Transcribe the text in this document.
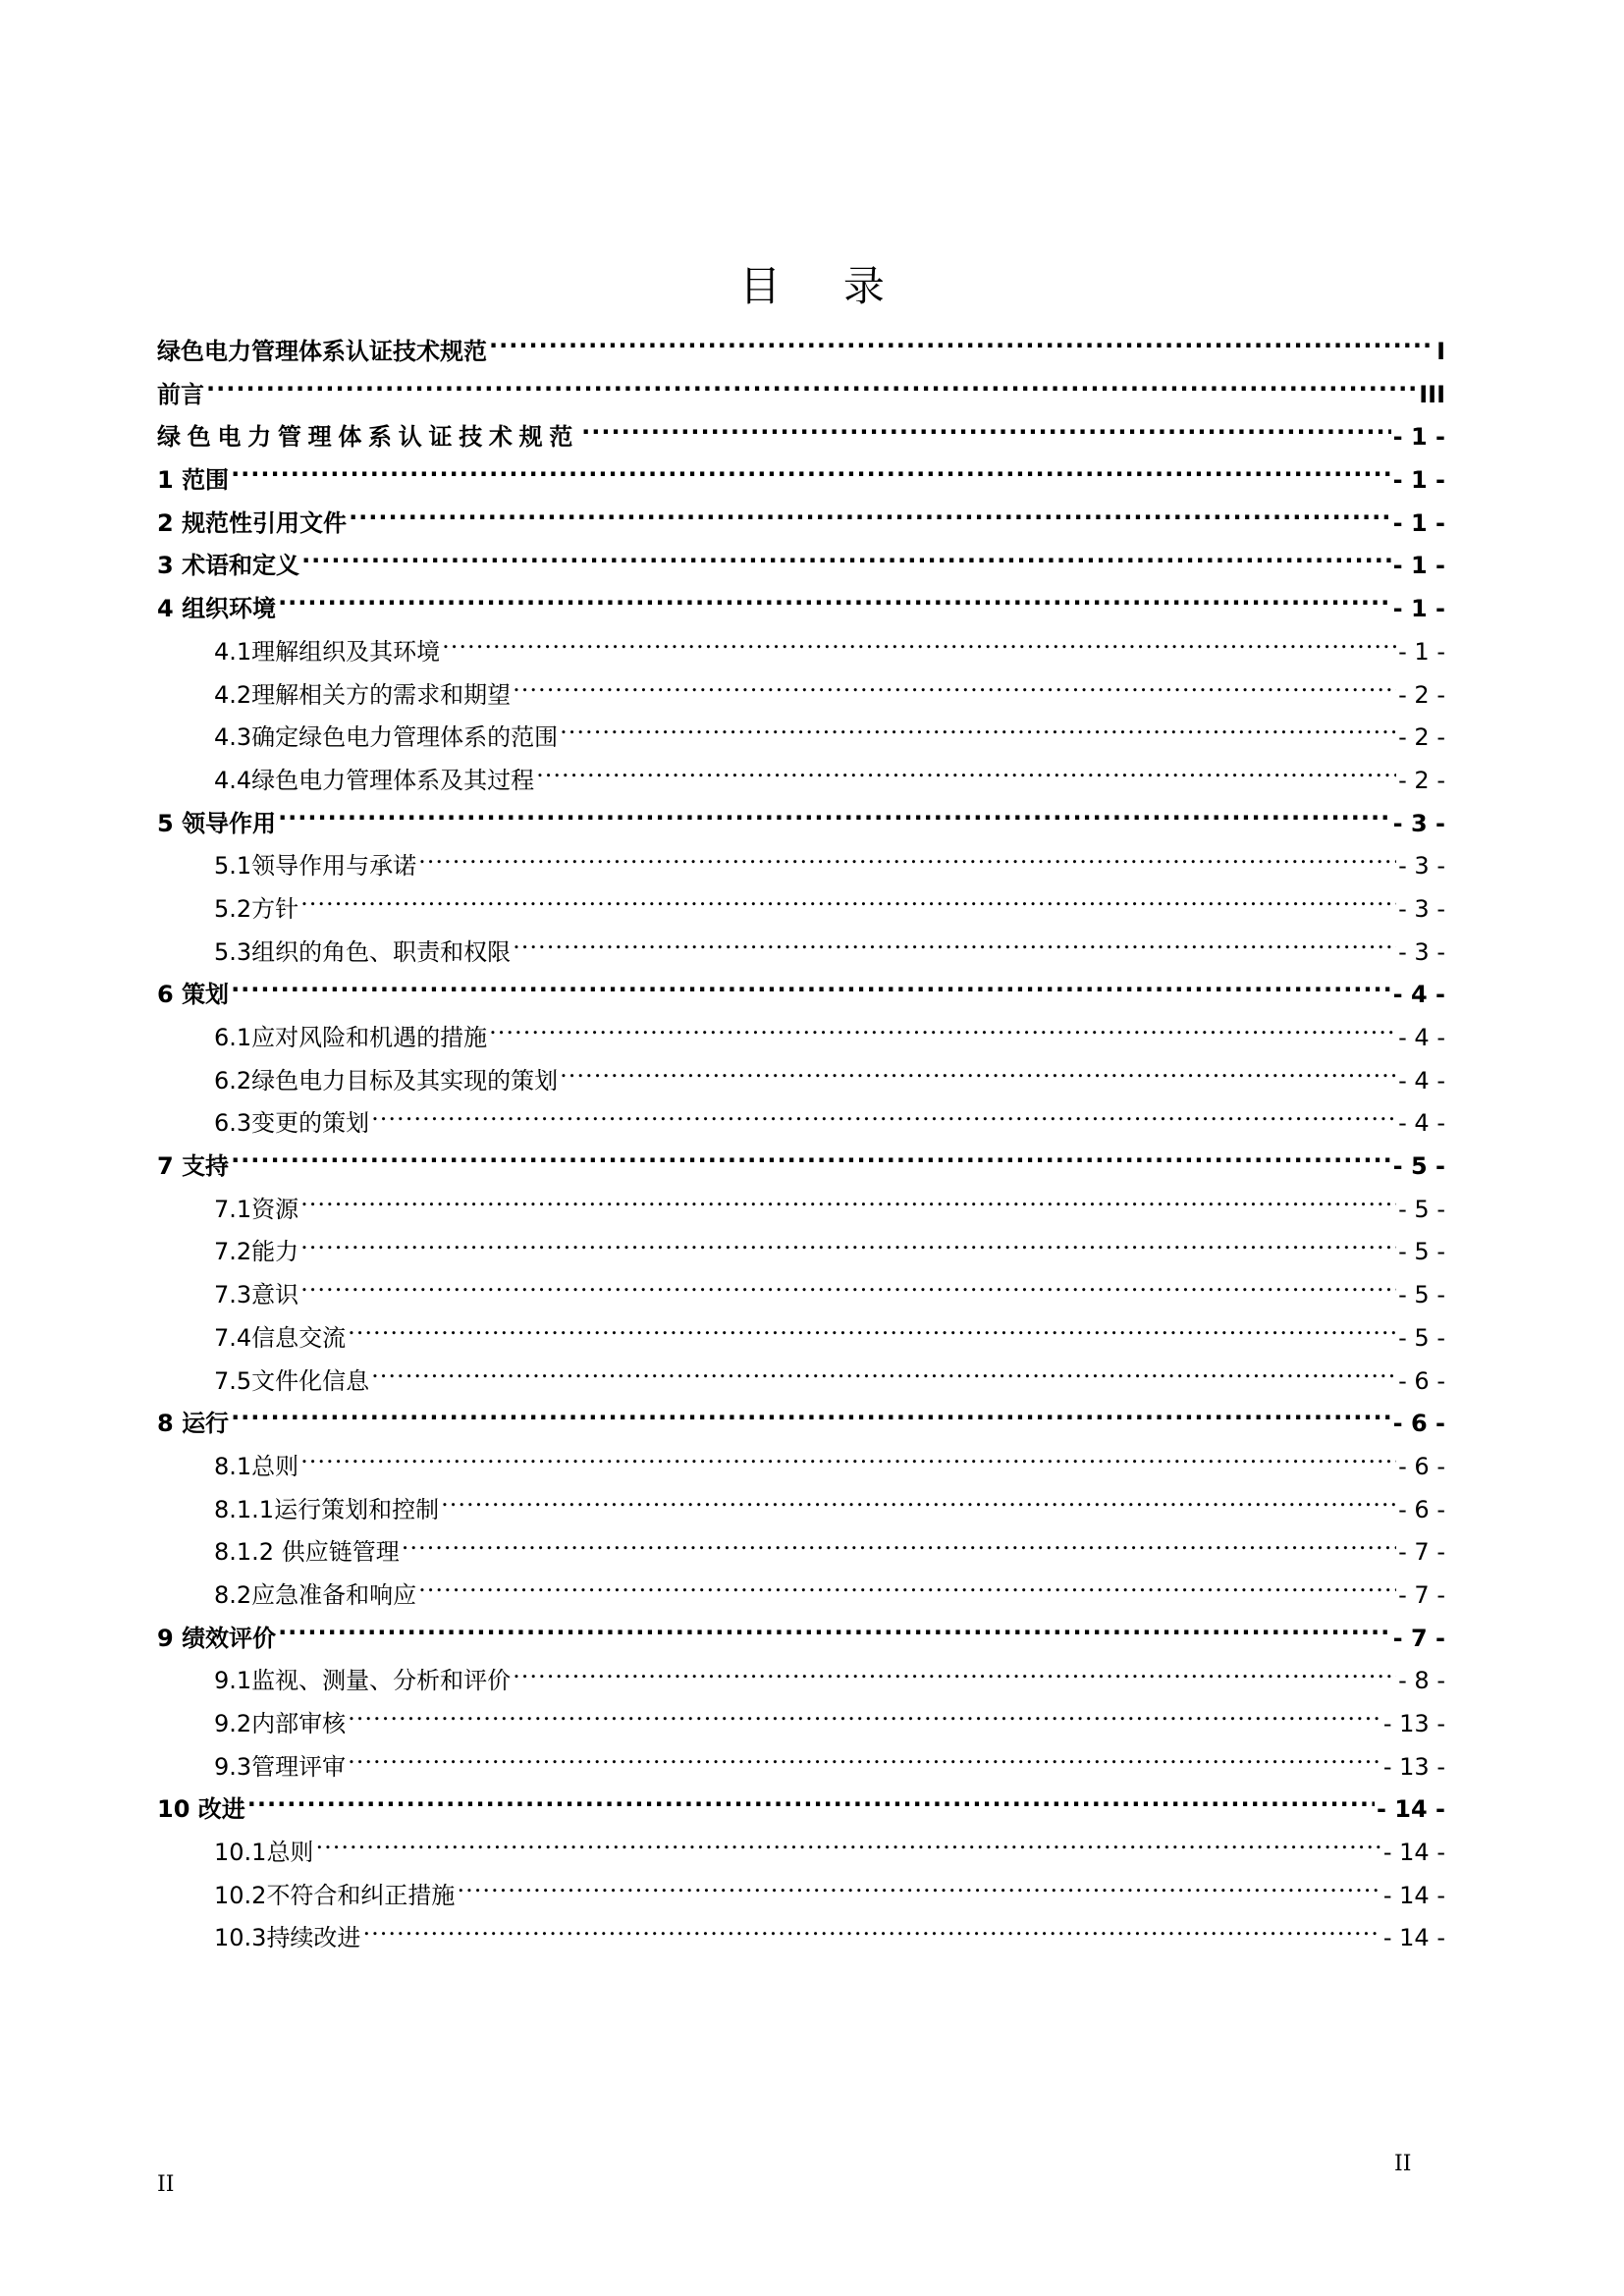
目 录
绿色电力管理体系认证技术规范 .....	I
前言 .....	III
绿色电力管理体系认证技术规范 .....	- 1 -
1 范围 .....	- 1 -
2 规范性引用文件 .....	- 1 -
3 术语和定义 .....	- 1 -
4 组织环境 .....	- 1 -
4.1理解组织及其环境 .....	- 1 -
4.2理解相关方的需求和期望 .....	- 2 -
4.3确定绿色电力管理体系的范围 .....	- 2 -
4.4绿色电力管理体系及其过程 .....	- 2 -
5 领导作用 .....	- 3 -
5.1领导作用与承诺 .....	- 3 -
5.2方针 .....	- 3 -
5.3组织的角色、职责和权限 .....	- 3 -
6 策划 .....	- 4 -
6.1应对风险和机遇的措施 .....	- 4 -
6.2绿色电力目标及其实现的策划 .....	- 4 -
6.3变更的策划 .....	- 4 -
7 支持 .....	- 5 -
7.1资源 .....	- 5 -
7.2能力 .....	- 5 -
7.3意识 .....	- 5 -
7.4信息交流 .....	- 5 -
7.5文件化信息 .....	- 6 -
8 运行 .....	- 6 -
8.1总则 .....	- 6 -
8.1.1运行策划和控制 .....	- 6 -
8.1.2 供应链管理 .....	- 7 -
8.2应急准备和响应 .....	- 7 -
9 绩效评价 .....	- 7 -
9.1监视、测量、分析和评价 .....	- 8 -
9.2内部审核 .....	- 13 -
9.3管理评审 .....	- 13 -
10 改进 .....	- 14 -
10.1总则 .....	- 14 -
10.2不符合和纠正措施 .....	- 14 -
10.3持续改进 .....	- 14 -
II
II
